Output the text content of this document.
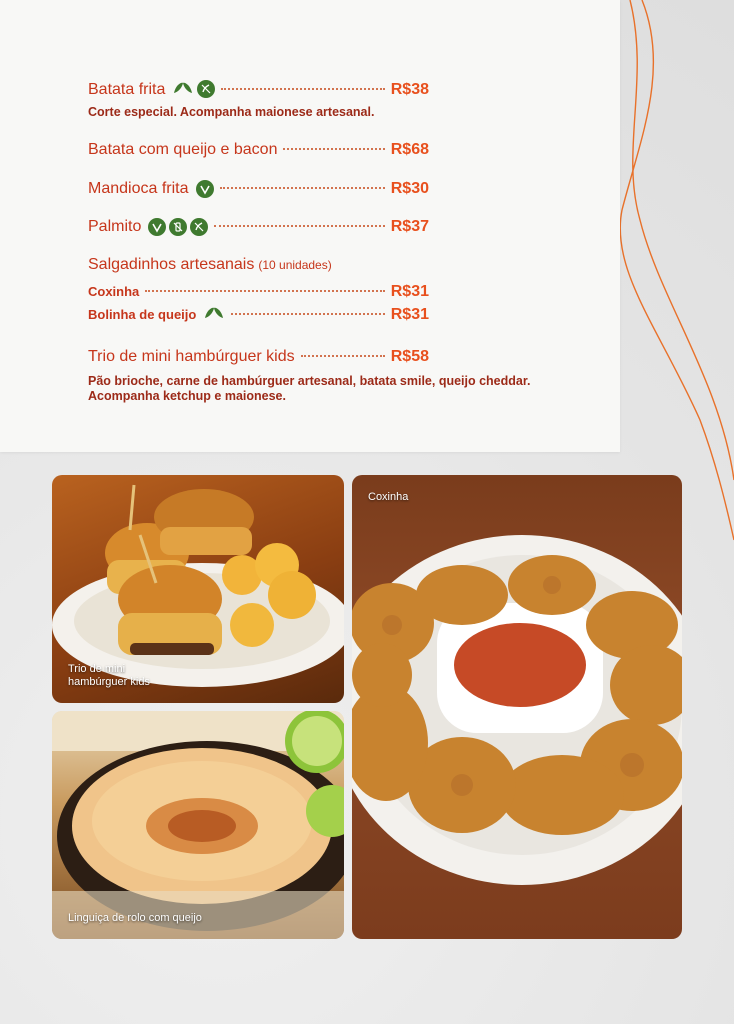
Batata frita	R$38
Corte especial. Acompanha maionese artesanal.
Batata com queijo e bacon	R$68
Mandioca frita	R$30
Palmito	R$37
Salgadinhos artesanais (10 unidades)
Coxinha	R$31
Bolinha de queijo	R$31
Trio de mini hambúrguer kids	R$58
Pão brioche, carne de hambúrguer artesanal, batata smile, queijo cheddar.
Acompanha ketchup e maionese.
Trio de mini
hambúrguer kids
Linguiça de rolo com queijo
Coxinha
